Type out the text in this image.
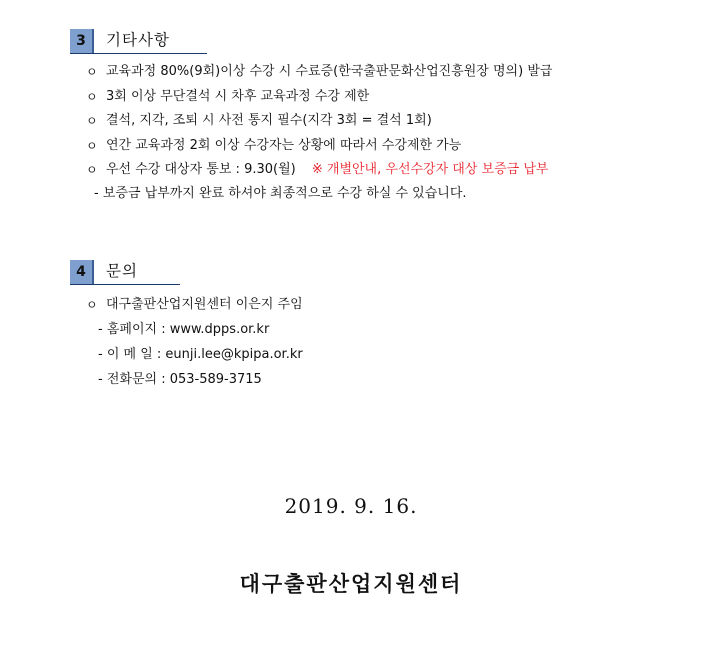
3	기타사항
ㅇ 교육과정 80%(9회)이상 수강 시 수료증(한국출판문화산업진흥원장 명의) 발급
ㅇ 3회 이상 무단결석 시 차후 교육과정 수강 제한
ㅇ 결석, 지각, 조퇴 시 사전 통지 필수(지각 3회 = 결석 1회)
ㅇ 연간 교육과정 2회 이상 수강자는 상황에 따라서 수강제한 가능
ㅇ 우선 수강 대상자 통보 : 9.30(월) ※ 개별안내, 우선수강자 대상 보증금 납부
- 보증금 납부까지 완료 하셔야 최종적으로 수강 하실 수 있습니다.
4	문의
ㅇ 대구출판산업지원센터 이은지 주임
- 홈페이지 : www.dpps.or.kr
- 이 메 일 : eunji.lee@kpipa.or.kr
- 전화문의 : 053-589-3715
2019. 9. 16.
대구출판산업지원센터
